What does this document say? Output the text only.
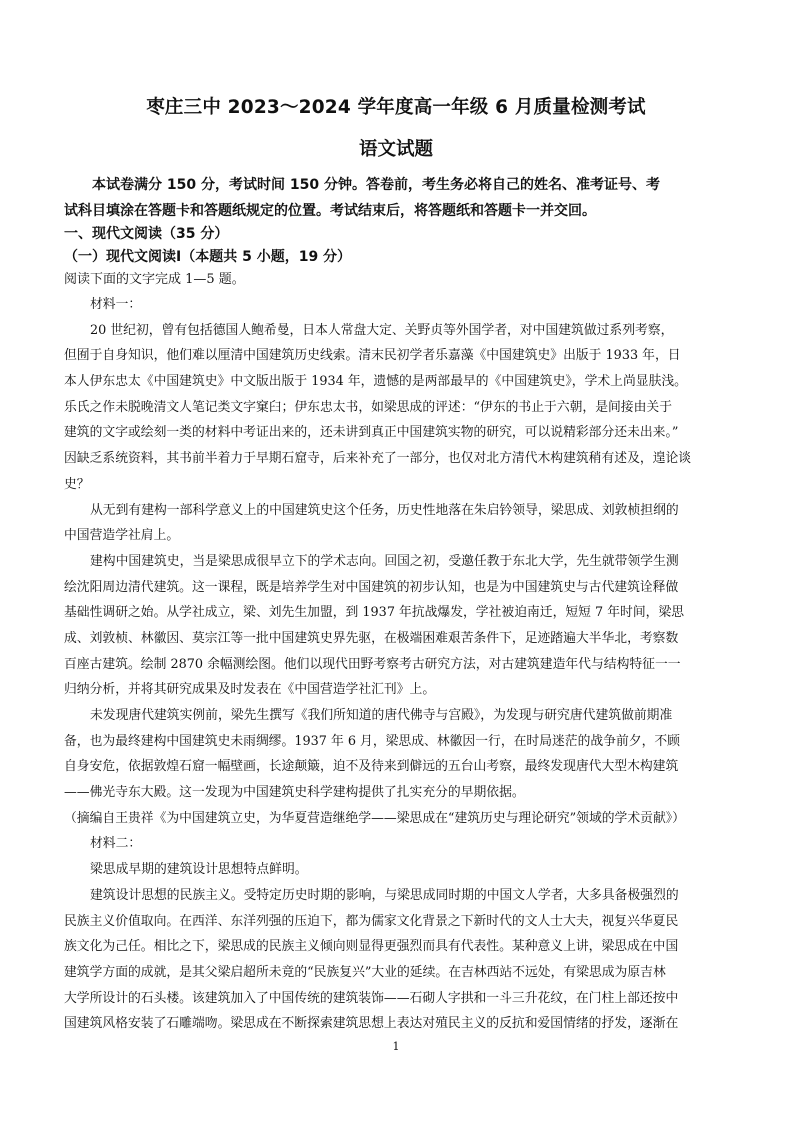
枣庄三中 2023～2024 学年度高一年级 6 月质量检测考试
语文试题

本试卷满分 150 分，考试时间 150 分钟。答卷前，考生务必将自己的姓名、准考证号、考

试科目填涂在答题卡和答题纸规定的位置。考试结束后，将答题纸和答题卡一并交回。

一、现代文阅读（35 分）
（一）现代文阅读Ⅰ（本题共 5 小题，19 分）
阅读下面的文字完成 1—5 题。
材料一：
20 世纪初，曾有包括德国人鲍希曼，日本人常盘大定、关野贞等外国学者，对中国建筑做过系列考察，
但囿于自身知识，他们难以厘清中国建筑历史线索。清末民初学者乐嘉藻《中国建筑史》出版于 1933 年，日
本人伊东忠太《中国建筑史》中文版出版于 1934 年，遗憾的是两部最早的《中国建筑史》，学术上尚显肤浅。
乐氏之作未脱晚清文人笔记类文字窠臼；伊东忠太书，如梁思成的评述：“伊东的书止于六朝，是间接由关于
建筑的文字或绘刻一类的材料中考证出来的，还未讲到真正中国建筑实物的研究，可以说精彩部分还未出来。”
因缺乏系统资料，其书前半着力于早期石窟寺，后来补充了一部分，也仅对北方清代木构建筑稍有述及，遑论谈
史？
从无到有建构一部科学意义上的中国建筑史这个任务，历史性地落在朱启钤领导，梁思成、刘敦桢担纲的
中国营造学社肩上。
建构中国建筑史，当是梁思成很早立下的学术志向。回国之初，受邀任教于东北大学，先生就带领学生测
绘沈阳周边清代建筑。这一课程，既是培养学生对中国建筑的初步认知，也是为中国建筑史与古代建筑诠释做
基础性调研之始。从学社成立，梁、刘先生加盟，到 1937 年抗战爆发，学社被迫南迁，短短 7 年时间，梁思
成、刘敦桢、林徽因、莫宗江等一批中国建筑史界先驱，在极端困难艰苦条件下，足迹踏遍大半华北，考察数
百座古建筑。绘制 2870 余幅测绘图。他们以现代田野考察考古研究方法，对古建筑建造年代与结构特征一一
归纳分析，并将其研究成果及时发表在《中国营造学社汇刊》上。
未发现唐代建筑实例前，梁先生撰写《我们所知道的唐代佛寺与宫殿》，为发现与研究唐代建筑做前期准
备，也为最终建构中国建筑史未雨绸缪。1937 年 6 月，梁思成、林徽因一行，在时局迷茫的战争前夕，不顾
自身安危，依据敦煌石窟一幅壁画，长途颠簸，迫不及待来到僻远的五台山考察，最终发现唐代大型木构建筑
——佛光寺东大殿。这一发现为中国建筑史科学建构提供了扎实充分的早期依据。
（摘编自王贵祥《为中国建筑立史，为华夏营造继绝学——梁思成在“建筑历史与理论研究”领域的学术贡献》）
材料二：
梁思成早期的建筑设计思想特点鲜明。
建筑设计思想的民族主义。受特定历史时期的影响，与梁思成同时期的中国文人学者，大多具备极强烈的
民族主义价值取向。在西洋、东洋列强的压迫下，都为儒家文化背景之下新时代的文人士大夫，视复兴华夏民
族文化为己任。相比之下，梁思成的民族主义倾向则显得更强烈而具有代表性。某种意义上讲，梁思成在中国
建筑学方面的成就，是其父梁启超所未竟的“民族复兴”大业的延续。在吉林西站不远处，有梁思成为原吉林
大学所设计的石头楼。该建筑加入了中国传统的建筑装饰——石砌人字拱和一斗三升花纹，在门柱上部还按中
国建筑风格安装了石雕端吻。梁思成在不断探索建筑思想上表达对殖民主义的反抗和爱国情绪的抒发，逐渐在
1
